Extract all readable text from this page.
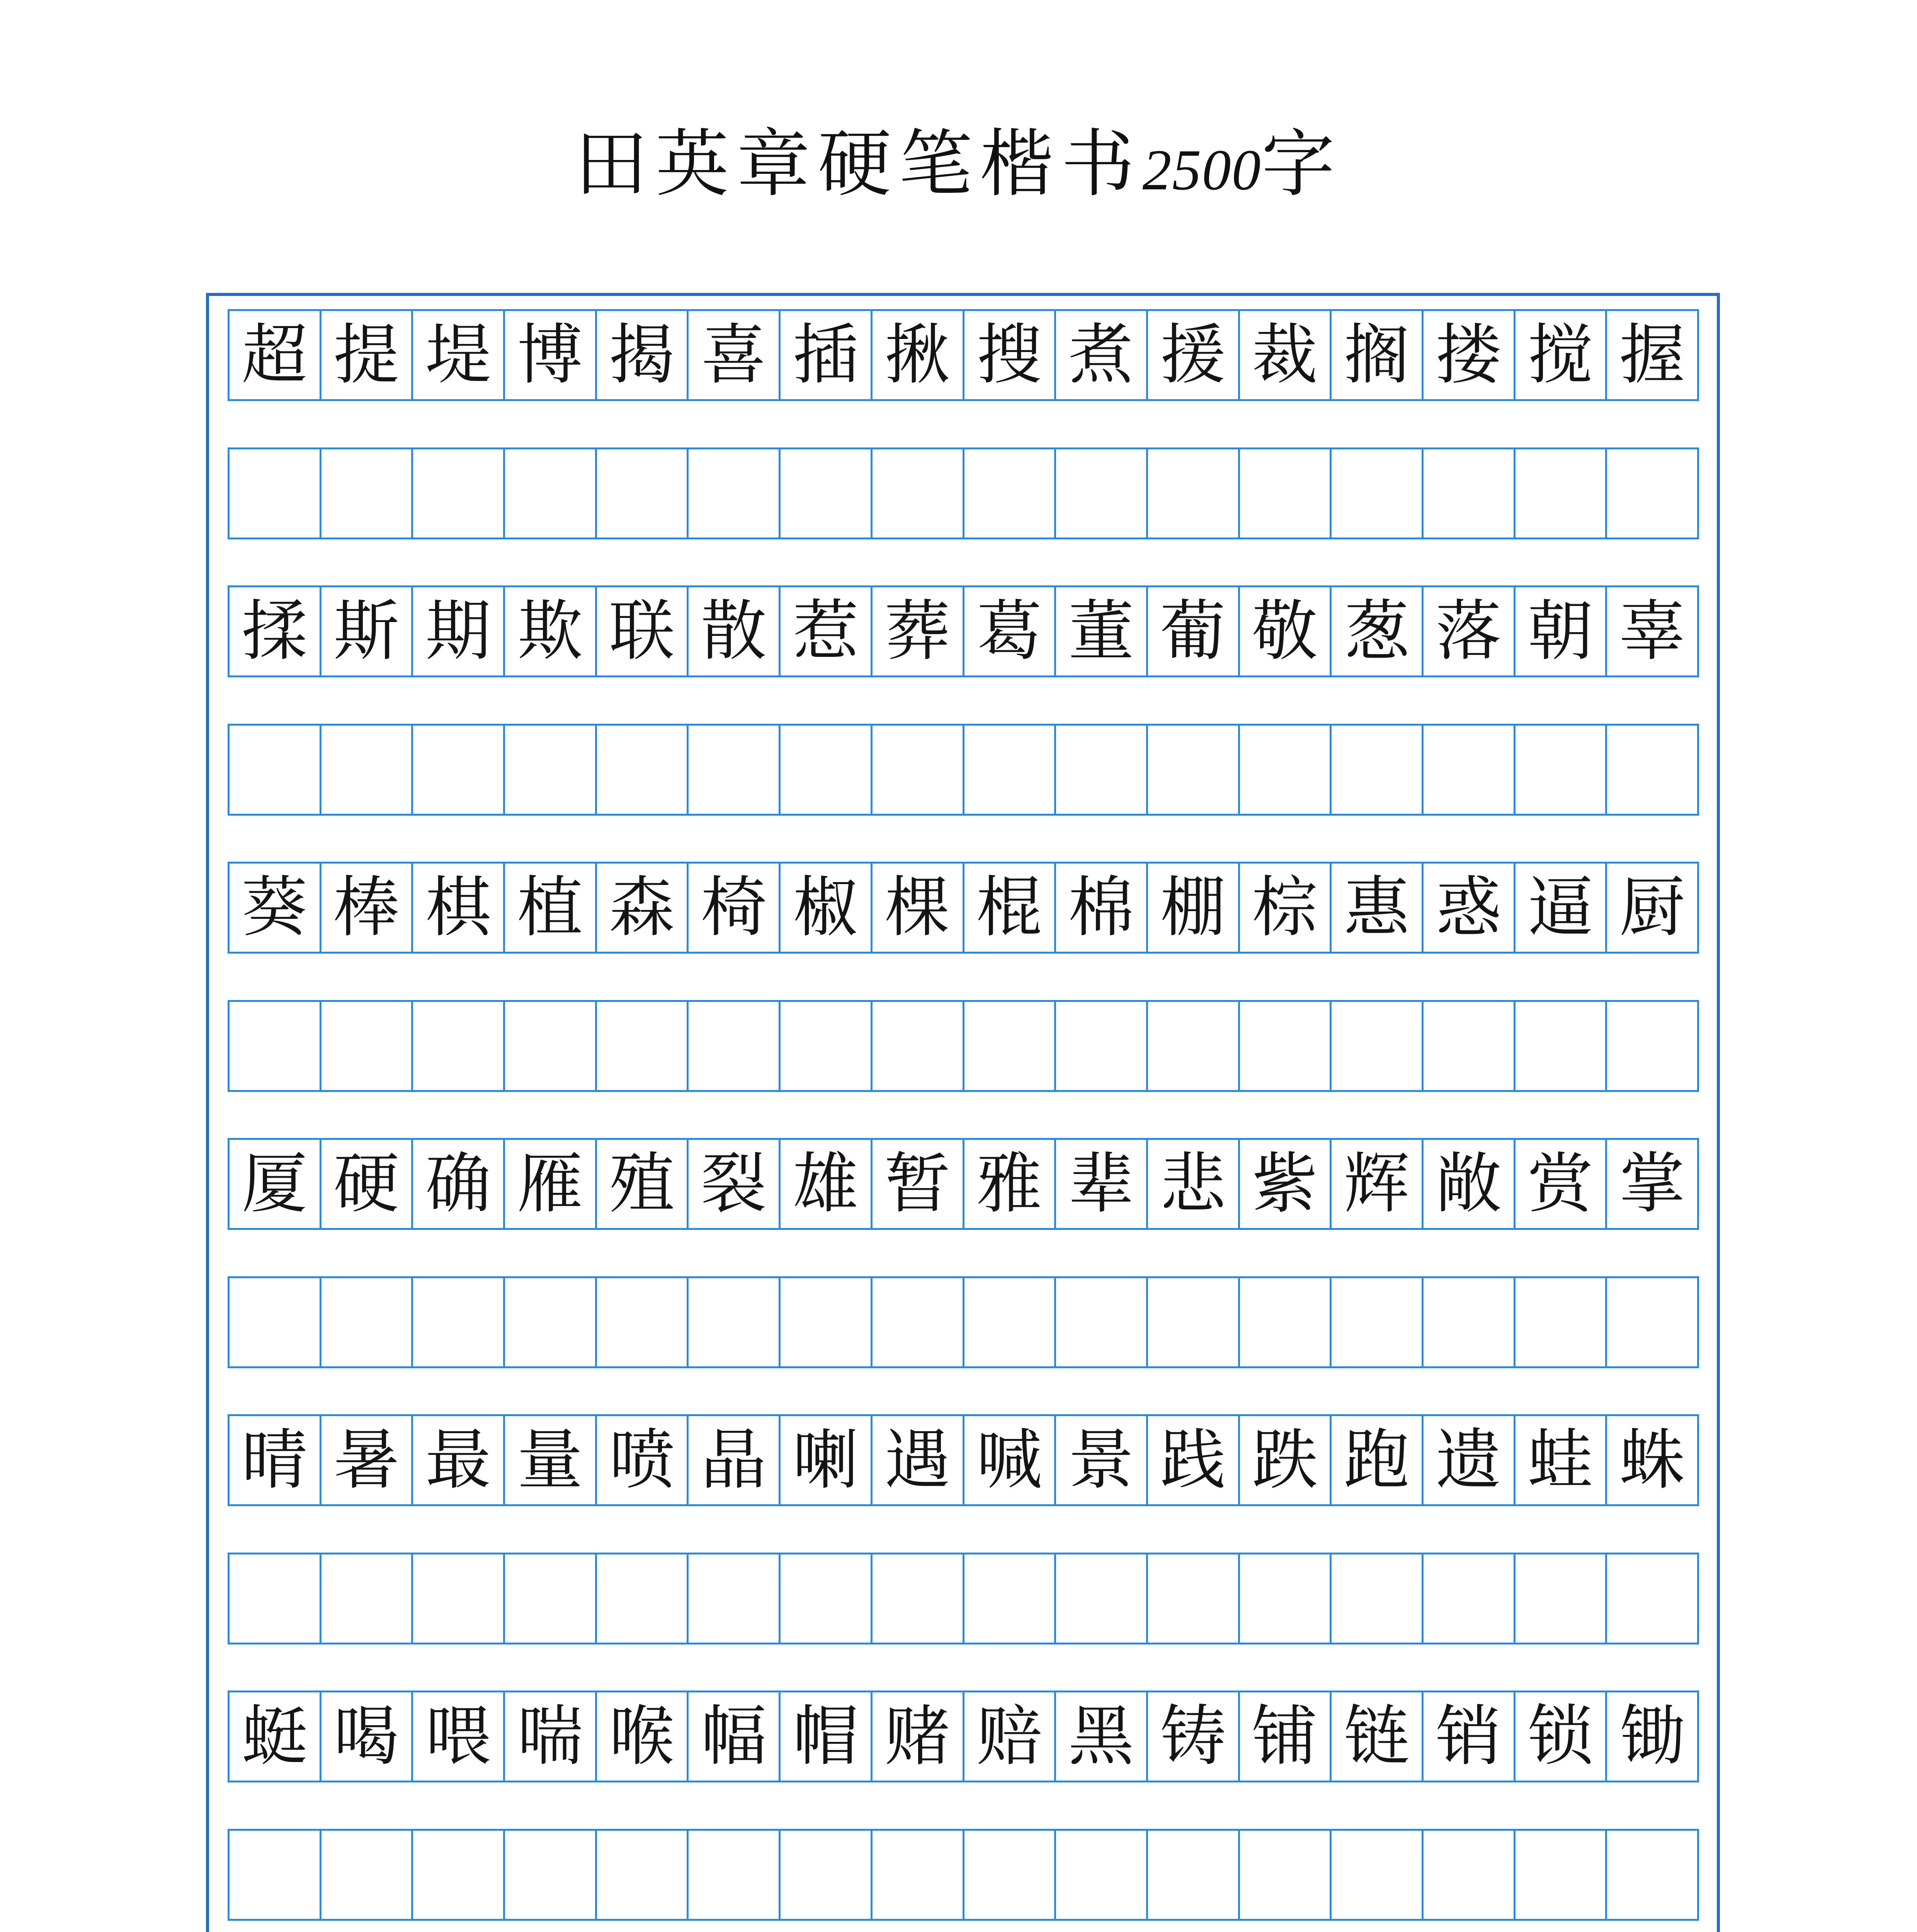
田英章硬笔楷书2500字
超 提 堤 博 揭 喜 插 揪 搜 煮 援 裁 搁 搂 搅 握
揉 斯 期 欺 联 散 惹 葬 葛 董 葡 敬 葱 落 朝 辜
葵 棒 棋 植 森 椅 椒 棵 棍 棉 棚 棕 惠 惑 逼 厨
厦 硬 确 雁 殖 裂 雄 暂 雅 辈 悲 紫 辉 敞 赏 掌
晴 暑 最 量 喷 晶 喇 遇 喊 景 践 跌 跑 遗 蛙 蛛
蜓 喝 喂 喘 喉 幅 帽 赌 赔 黑 铸 铺 链 销 锁 锄
